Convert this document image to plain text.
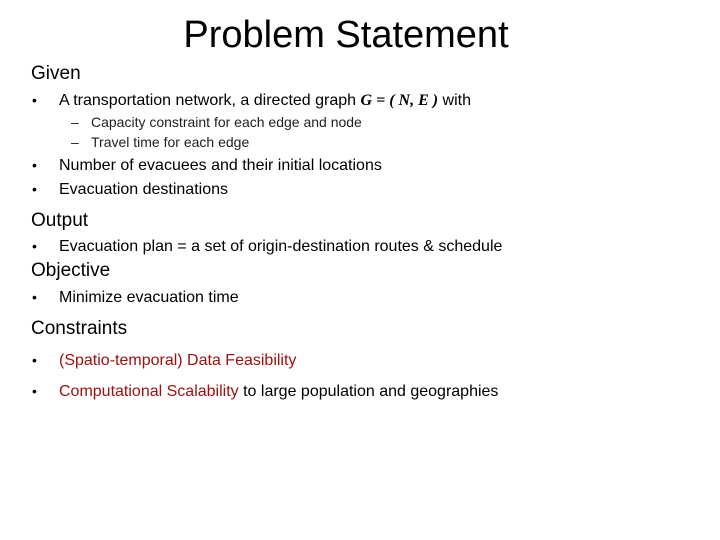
Problem Statement
Given
•	A transportation network, a directed graph
G = ( N, E )
with
– Capacity constraint for each edge and node
– Travel time for each edge
•	Number of evacuees and their initial locations
•	Evacuation destinations
Output
•	Evacuation plan = a set of origin-destination routes & schedule
Objective
•	Minimize evacuation time
Constraints
•	(Spatio-temporal) Data Feasibility
•	Computational Scalability to large population and geographies
